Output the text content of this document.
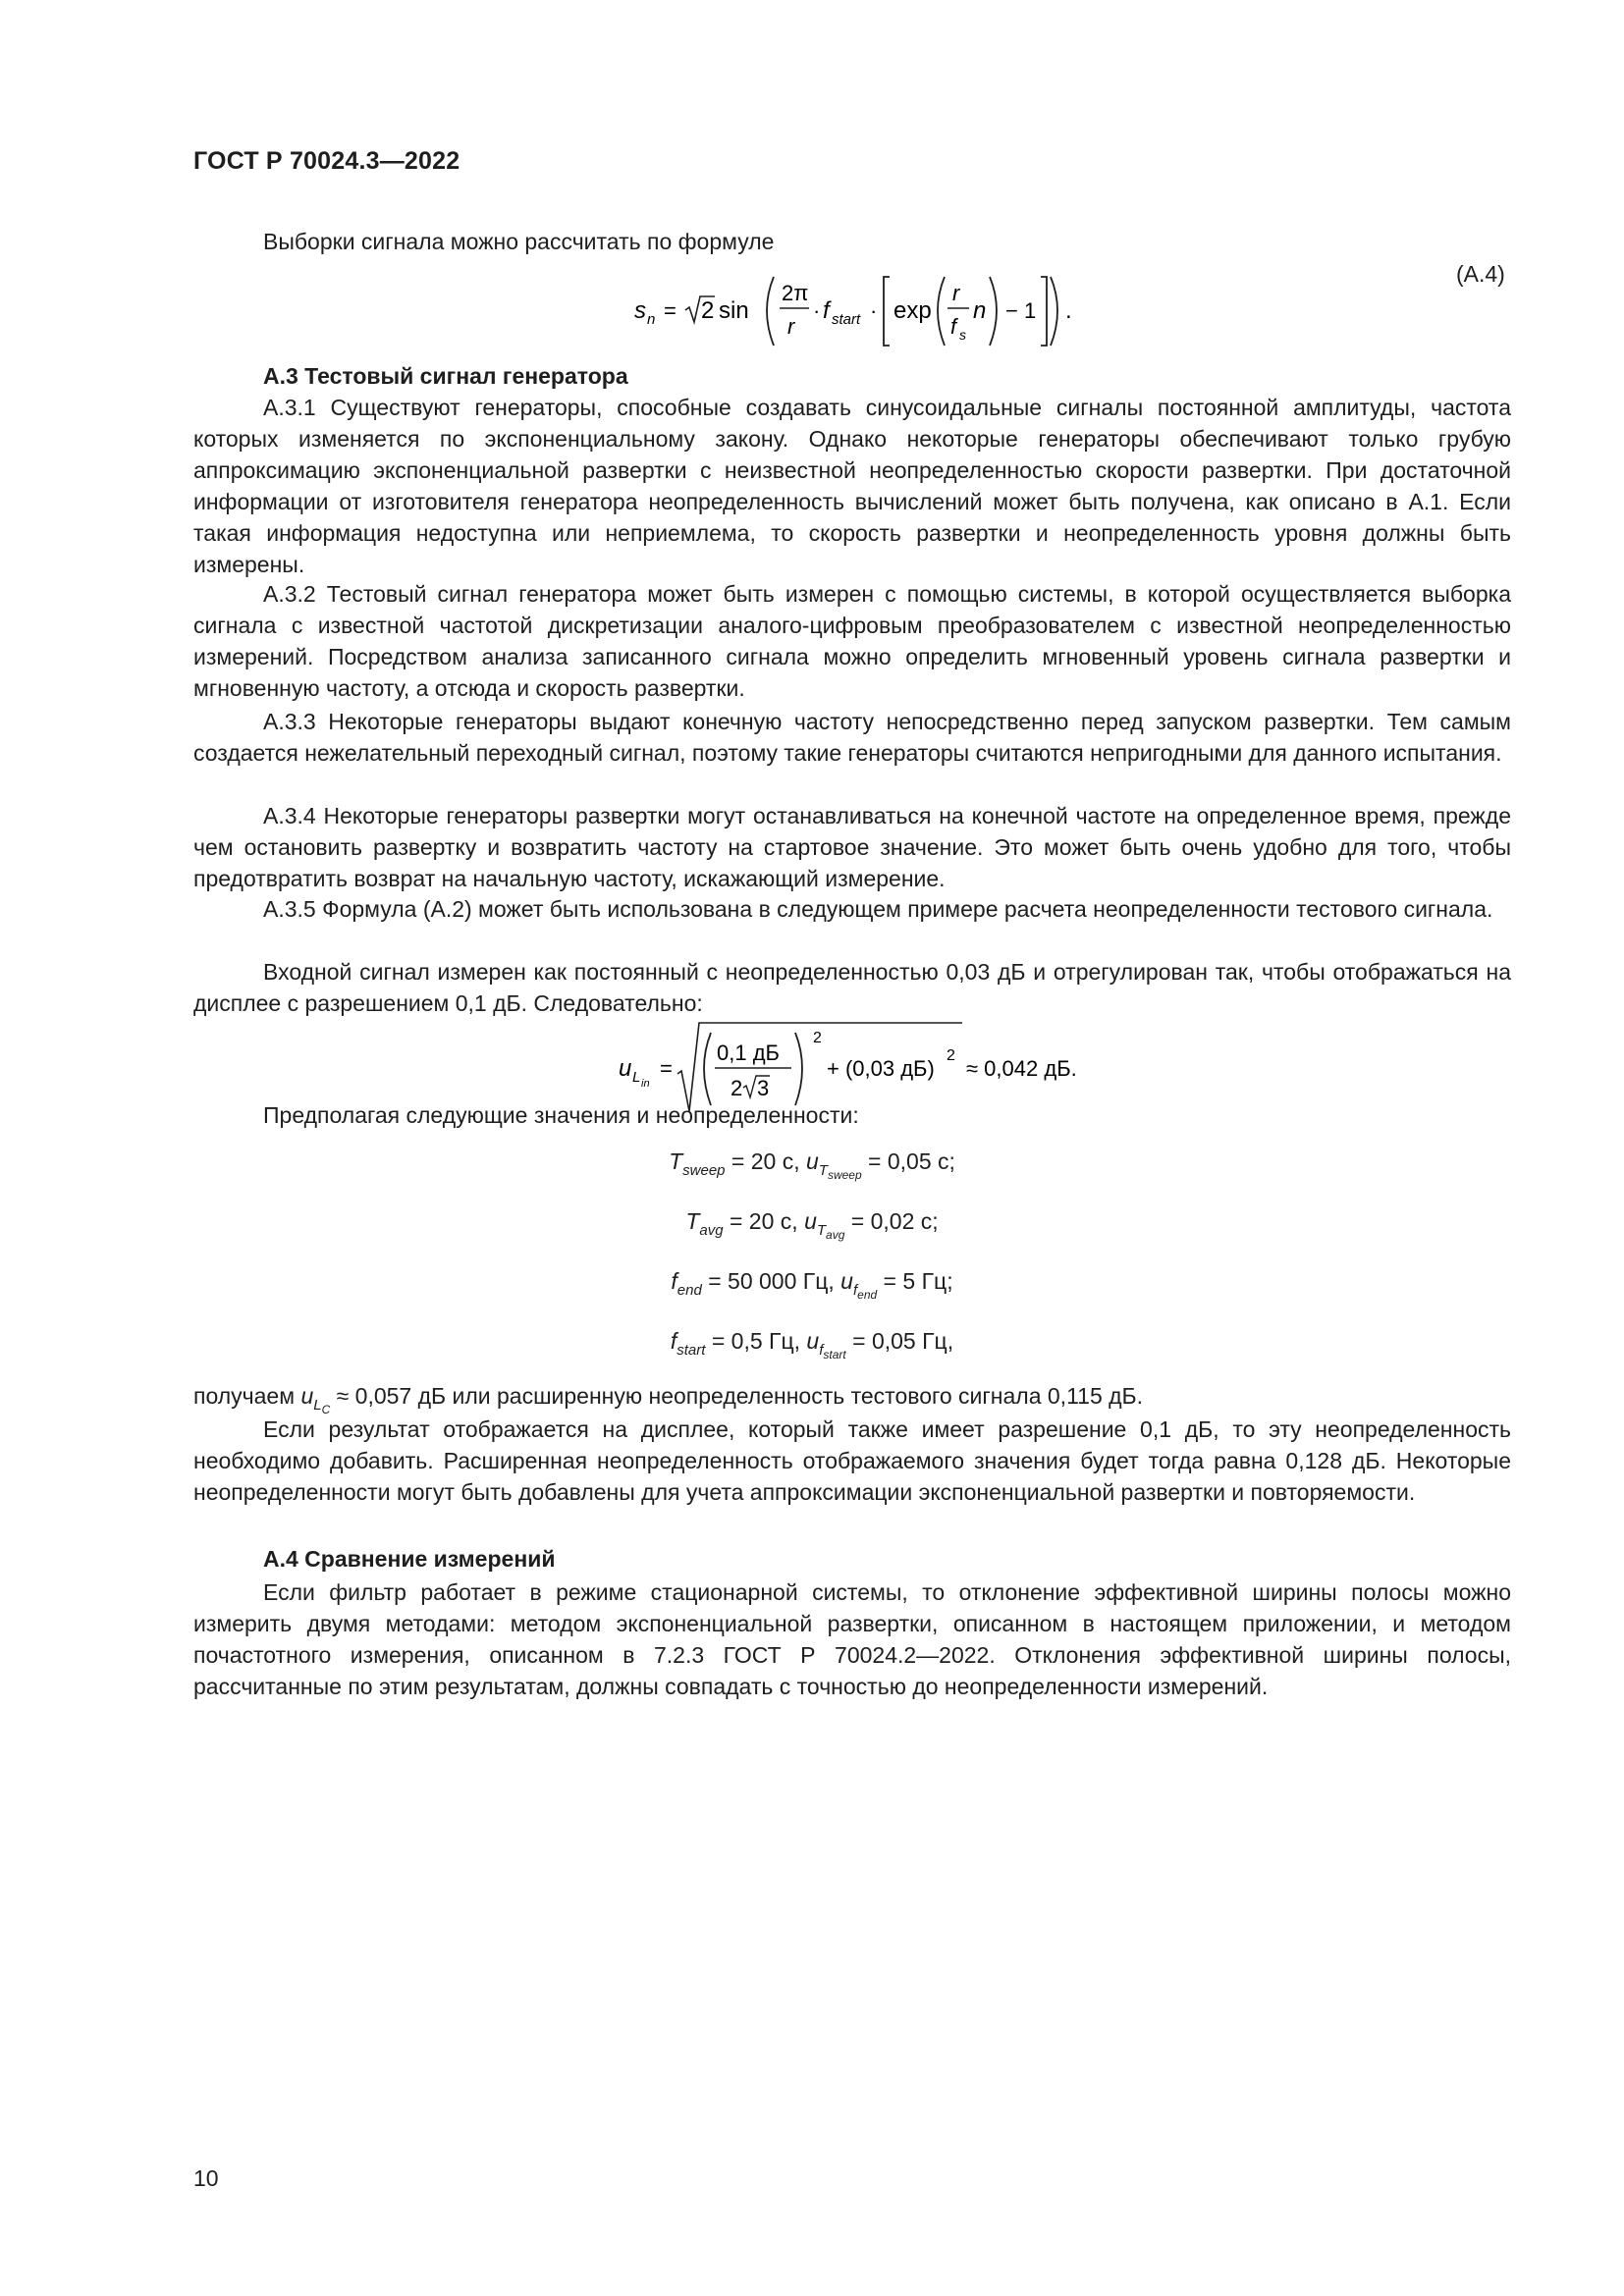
ГОСТ Р 70024.3—2022
Выборки сигнала можно рассчитать по формуле
s n = 2 sin
2π
r
· f start · exp
r
f s
n − 1 .
(A.4)
A.3 Тестовый сигнал генератора
A.3.1 Существуют генераторы, способные создавать синусоидальные сигналы постоянной амплитуды, частота которых изменяется по экспоненциальному закону. Однако некоторые генераторы обеспечивают только грубую аппроксимацию экспоненциальной развертки с неизвестной неопределенностью скорости развертки. При достаточной информации от изготовителя генератора неопределенность вычислений может быть получена, как описано в A.1. Если такая информация недоступна или неприемлема, то скорость развертки и неопределенность уровня должны быть измерены.
A.3.2 Тестовый сигнал генератора может быть измерен с помощью системы, в которой осуществляется выборка сигнала с известной частотой дискретизации аналого-цифровым преобразователем с известной неопределенностью измерений. Посредством анализа записанного сигнала можно определить мгновенный уровень сигнала развертки и мгновенную частоту, а отсюда и скорость развертки.
A.3.3 Некоторые генераторы выдают конечную частоту непосредственно перед запуском развертки. Тем самым создается нежелательный переходный сигнал, поэтому такие генераторы считаются непригодными для данного испытания.
A.3.4 Некоторые генераторы развертки могут останавливаться на конечной частоте на определенное время, прежде чем остановить развертку и возвратить частоту на стартовое значение. Это может быть очень удобно для того, чтобы предотвратить возврат на начальную частоту, искажающий измерение.
A.3.5 Формула (A.2) может быть использована в следующем примере расчета неопределенности тестового сигнала.
Входной сигнал измерен как постоянный с неопределенностью 0,03 дБ и отрегулирован так, чтобы отображаться на дисплее с разрешением 0,1 дБ. Следовательно:
u L in
=
0,1 дБ
2 3
2
+ (0,03 дБ)
2
≈ 0,042 дБ.
Предполагая следующие значения и неопределенности:
$T_{sweep} = 20$ с, $u_{T_{sweep}} = 0,05$ с;
$T_{avg} = 20$ с, $u_{T_{avg}} = 0,02$ с;
$f_{end} = 50$ 000 Гц, $u_{f_{end}} = 5$ Гц;
$f_{start} = 0,5$ Гц, $u_{f_{start}} = 0,05$ Гц,
получаем $u_{L_C} \approx 0,057$ дБ или расширенную неопределенность тестового сигнала 0,115 дБ.
Если результат отображается на дисплее, который также имеет разрешение 0,1 дБ, то эту неопределенность необходимо добавить. Расширенная неопределенность отображаемого значения будет тогда равна 0,128 дБ. Некоторые неопределенности могут быть добавлены для учета аппроксимации экспоненциальной развертки и повторяемости.
A.4 Сравнение измерений
Если фильтр работает в режиме стационарной системы, то отклонение эффективной ширины полосы можно измерить двумя методами: методом экспоненциальной развертки, описанном в настоящем приложении, и методом почастотного измерения, описанном в 7.2.3 ГОСТ Р 70024.2—2022. Отклонения эффективной ширины полосы, рассчитанные по этим результатам, должны совпадать с точностью до неопределенности измерений.
10
